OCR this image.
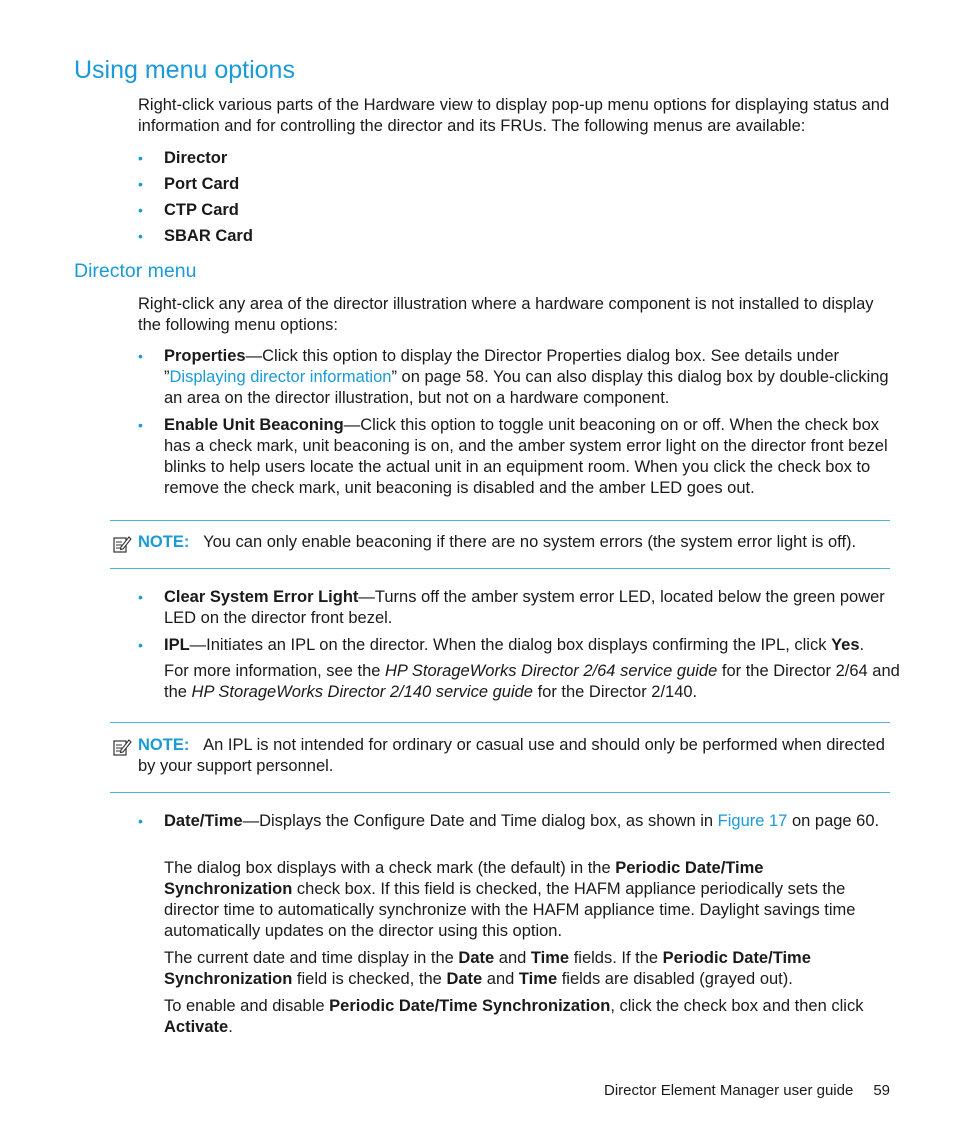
Using menu options

Right-click various parts of the Hardware view to display pop-up menu options for displaying status and information and for controlling the director and its FRUs. The following menus are available:

• Director
• Port Card
• CTP Card
• SBAR Card
Director menu

Right-click any area of the director illustration where a hardware component is not installed to display the following menu options:

• Properties—Click this option to display the Director Properties dialog box. See details under ”Displaying director information” on page 58. You can also display this dialog box by double-clicking an area on the director illustration, but not on a hardware component.
• Enable Unit Beaconing—Click this option to toggle unit beaconing on or off. When the check box has a check mark, unit beaconing is on, and the amber system error light on the director front bezel blinks to help users locate the actual unit in an equipment room. When you click the check box to remove the check mark, unit beaconing is disabled and the amber LED goes out.
NOTE: You can only enable beaconing if there are no system errors (the system error light is off).
• Clear System Error Light—Turns off the amber system error LED, located below the green power LED on the director front bezel.
• IPL—Initiates an IPL on the director. When the dialog box displays confirming the IPL, click Yes.

For more information, see the HP StorageWorks Director 2/64 service guide for the Director 2/64 and the HP StorageWorks Director 2/140 service guide for the Director 2/140.

NOTE: An IPL is not intended for ordinary or casual use and should only be performed when directed by your support personnel.
• Date/Time—Displays the Configure Date and Time dialog box, as shown in Figure 17 on page 60.

The dialog box displays with a check mark (the default) in the Periodic Date/Time Synchronization check box. If this field is checked, the HAFM appliance periodically sets the director time to automatically synchronize with the HAFM appliance time. Daylight savings time automatically updates on the director using this option.

The current date and time display in the Date and Time fields. If the Periodic Date/Time Synchronization field is checked, the Date and Time fields are disabled (grayed out).

To enable and disable Periodic Date/Time Synchronization, click the check box and then click Activate.

Director Element Manager user guide 59
